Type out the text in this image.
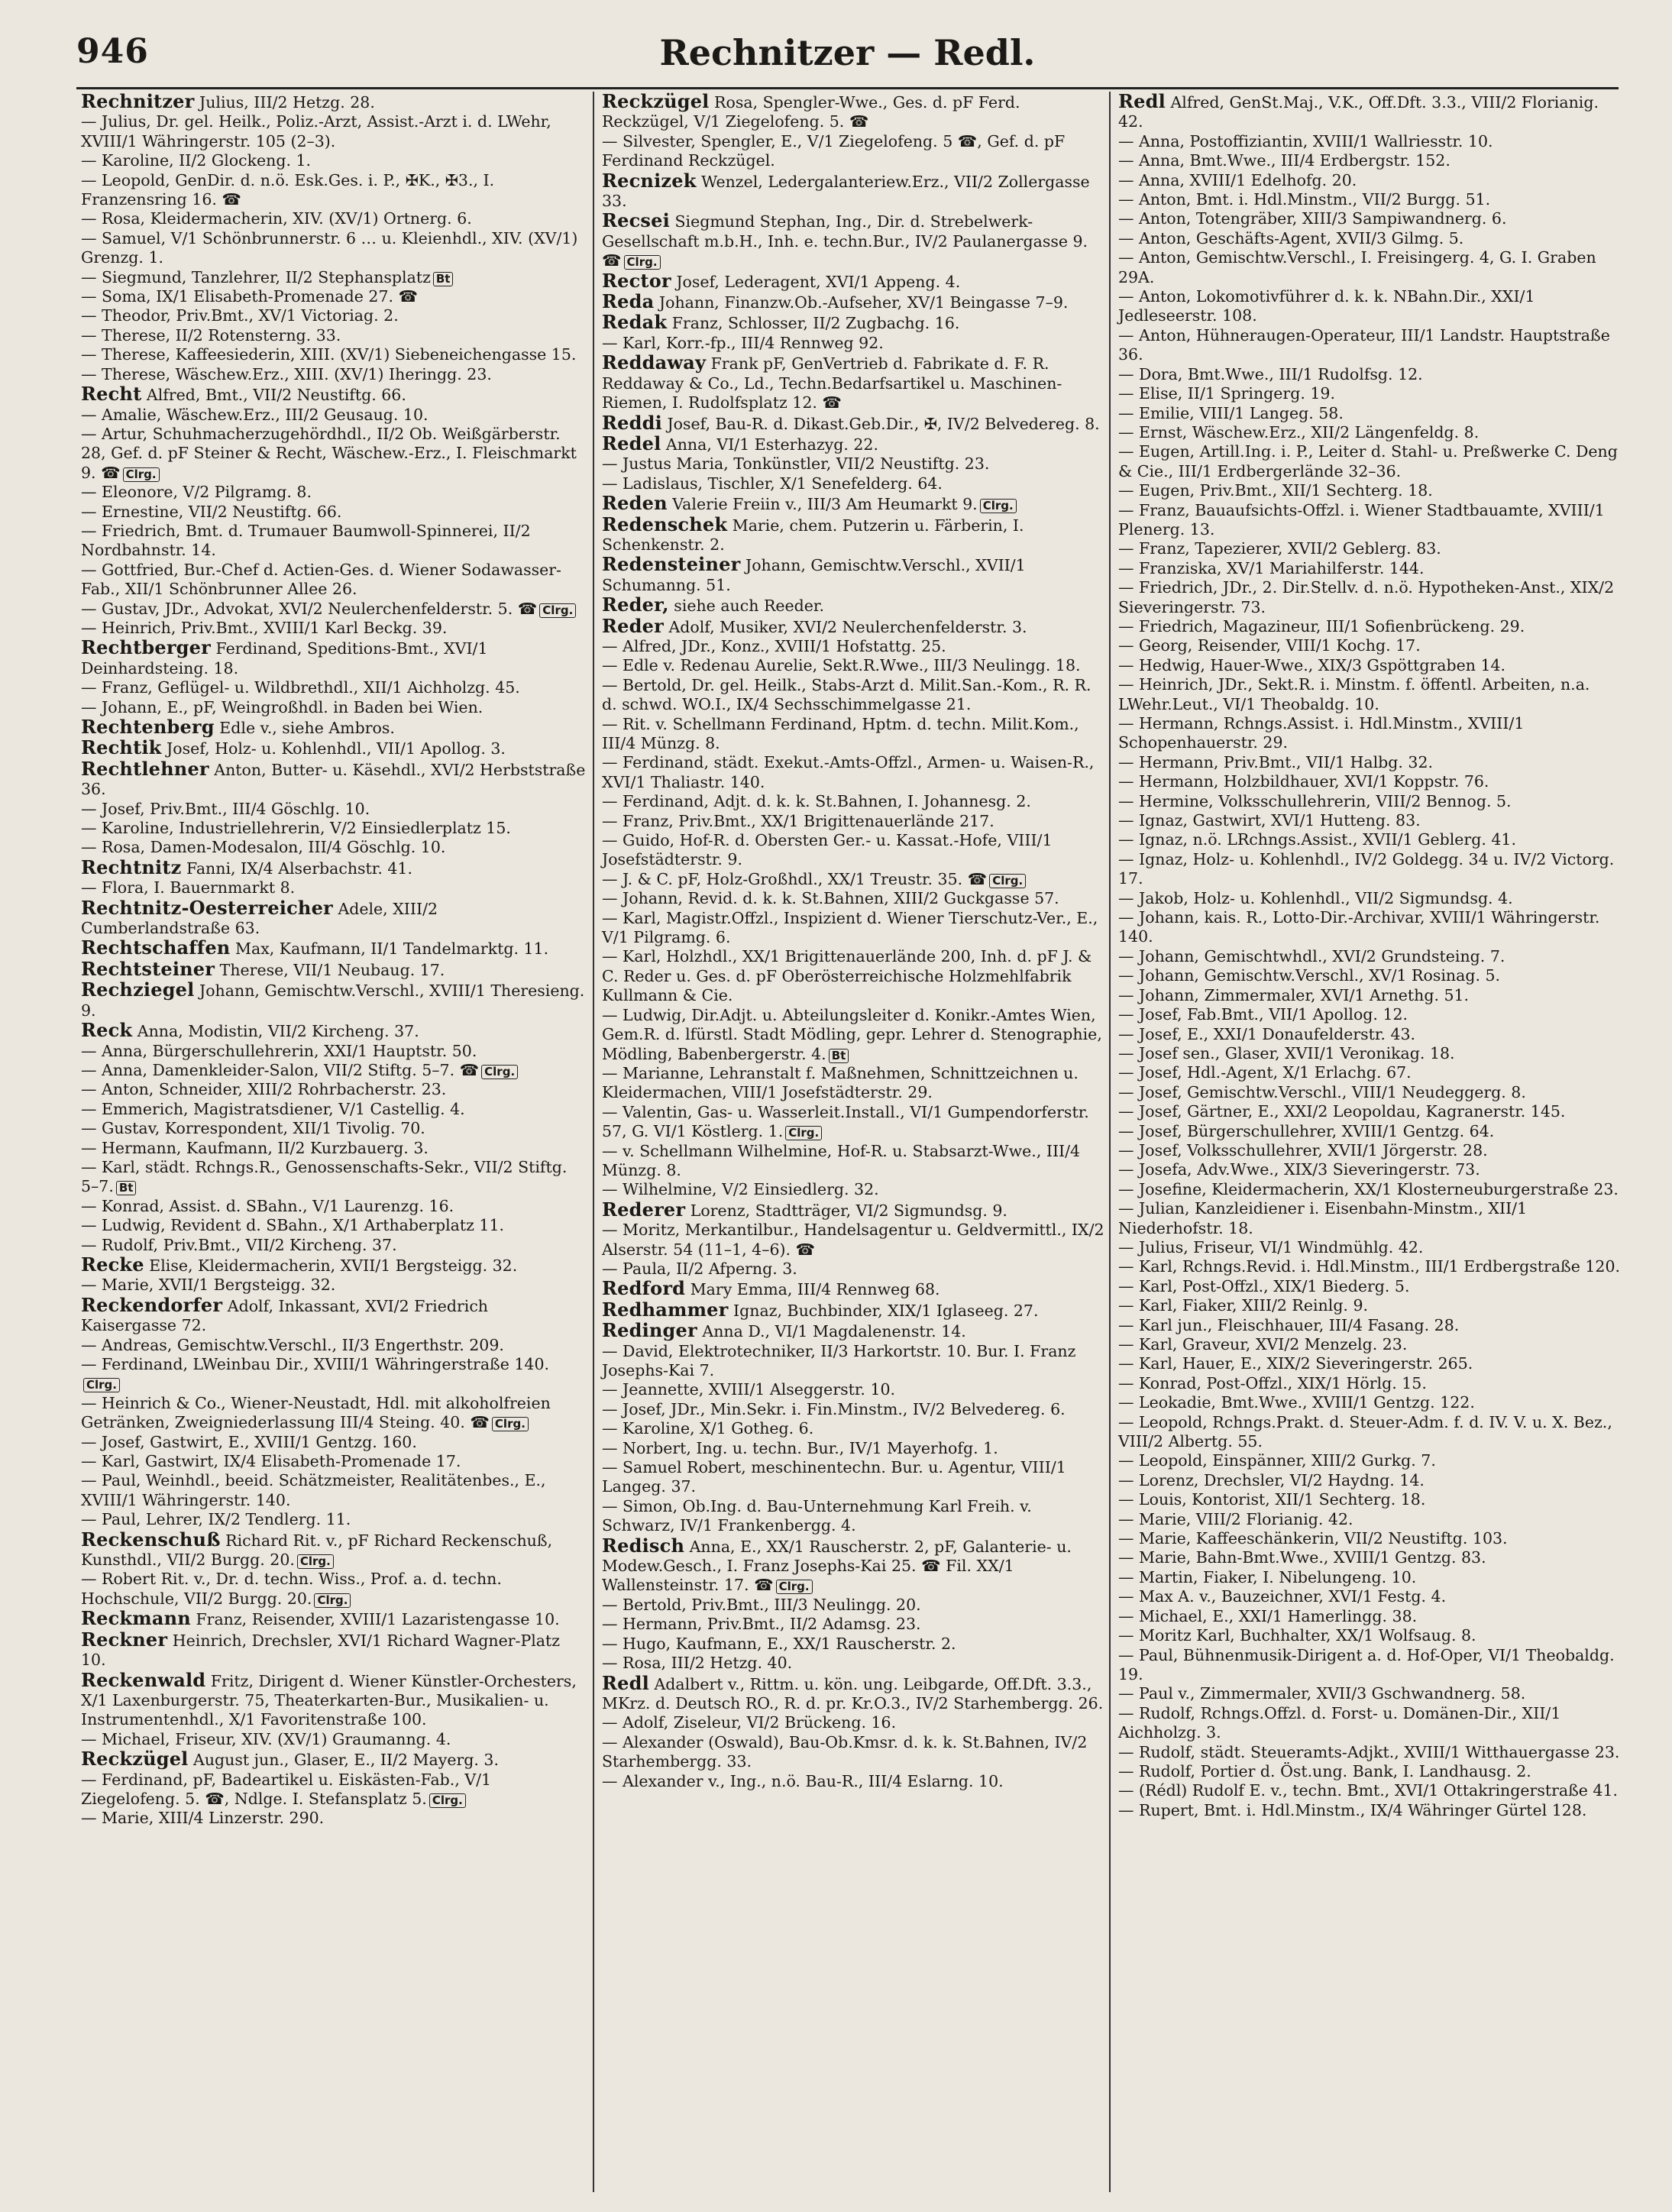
946	Rechnitzer — Redl.
Rechnitzer Julius, III/2 Hetzg. 28.
— Julius, Dr. gel. Heilk., Poliz.-Arzt, Assist.-Arzt i. d. LWehr, XVIII/1 Währingerstr. 105 (2–3).
— Karoline, II/2 Glockeng. 1.
— Leopold, GenDir. d. n.ö. Esk.Ges. i. P., ✠K., ✠3., I. Franzensring 16. ☎
— Rosa, Kleidermacherin, XIV. (XV/1) Ortnerg. 6.
— Samuel, V/1 Schönbrunnerstr. 6 … u. Kleienhdl., XIV. (XV/1) Grenzg. 1.
— Siegmund, Tanzlehrer, II/2 Stephansplatz Bt
— Soma, IX/1 Elisabeth-Promenade 27. ☎
— Theodor, Priv.Bmt., XV/1 Victoriag. 2.
— Therese, II/2 Rotensterng. 33.
— Therese, Kaffeesiederin, XIII. (XV/1) Siebeneichengasse 15.
— Therese, Wäschew.Erz., XIII. (XV/1) Iheringg. 23.
Recht Alfred, Bmt., VII/2 Neustiftg. 66.
— Amalie, Wäschew.Erz., III/2 Geusaug. 10.
— Artur, Schuhmacherzugehördhdl., II/2 Ob. Weißgärberstr. 28, Gef. d. pF Steiner & Recht, Wäschew.-Erz., I. Fleischmarkt 9. ☎ Clrg.
— Eleonore, V/2 Pilgramg. 8.
— Ernestine, VII/2 Neustiftg. 66.
— Friedrich, Bmt. d. Trumauer Baumwoll-Spinnerei, II/2 Nordbahnstr. 14.
— Gottfried, Bur.-Chef d. Actien-Ges. d. Wiener Sodawasser-Fab., XII/1 Schönbrunner Allee 26.
— Gustav, JDr., Advokat, XVI/2 Neulerchenfelderstr. 5. ☎ Clrg.
— Heinrich, Priv.Bmt., XVIII/1 Karl Beckg. 39.
Rechtberger Ferdinand, Speditions-Bmt., XVI/1 Deinhardsteing. 18.
— Franz, Geflügel- u. Wildbrethdl., XII/1 Aichholzg. 45.
— Johann, E., pF, Weingroßhdl. in Baden bei Wien.
Rechtenberg Edle v., siehe Ambros.
Rechtik Josef, Holz- u. Kohlenhdl., VII/1 Apollog. 3.
Rechtlehner Anton, Butter- u. Käsehdl., XVI/2 Herbststraße 36.
— Josef, Priv.Bmt., III/4 Göschlg. 10.
— Karoline, Industriellehrerin, V/2 Einsiedlerplatz 15.
— Rosa, Damen-Modesalon, III/4 Göschlg. 10.
Rechtnitz Fanni, IX/4 Alserbachstr. 41.
— Flora, I. Bauernmarkt 8.
Rechtnitz-Oesterreicher Adele, XIII/2 Cumberlandstraße 63.
Rechtschaffen Max, Kaufmann, II/1 Tandelmarktg. 11.
Rechtsteiner Therese, VII/1 Neubaug. 17.
Rechziegel Johann, Gemischtw.Verschl., XVIII/1 Theresieng. 9.
Reck Anna, Modistin, VII/2 Kircheng. 37.
— Anna, Bürgerschullehrerin, XXI/1 Hauptstr. 50.
— Anna, Damenkleider-Salon, VII/2 Stiftg. 5–7. ☎ Clrg.
— Anton, Schneider, XIII/2 Rohrbacherstr. 23.
— Emmerich, Magistratsdiener, V/1 Castellig. 4.
— Gustav, Korrespondent, XII/1 Tivolig. 70.
— Hermann, Kaufmann, II/2 Kurzbauerg. 3.
— Karl, städt. Rchngs.R., Genossenschafts-Sekr., VII/2 Stiftg. 5–7. Bt
— Konrad, Assist. d. SBahn., V/1 Laurenzg. 16.
— Ludwig, Revident d. SBahn., X/1 Arthaberplatz 11.
— Rudolf, Priv.Bmt., VII/2 Kircheng. 37.
Recke Elise, Kleidermacherin, XVII/1 Bergsteigg. 32.
— Marie, XVII/1 Bergsteigg. 32.
Reckendorfer Adolf, Inkassant, XVI/2 Friedrich Kaisergasse 72.
— Andreas, Gemischtw.Verschl., II/3 Engerthstr. 209.
— Ferdinand, LWeinbau Dir., XVIII/1 Währingerstraße 140.Clrg.
— Heinrich & Co., Wiener-Neustadt, Hdl. mit alkoholfreien Getränken, Zweigniederlassung III/4 Steing. 40. ☎ Clrg.
— Josef, Gastwirt, E., XVIII/1 Gentzg. 160.
— Karl, Gastwirt, IX/4 Elisabeth-Promenade 17.
— Paul, Weinhdl., beeid. Schätzmeister, Realitätenbes., E., XVIII/1 Währingerstr. 140.
— Paul, Lehrer, IX/2 Tendlerg. 11.
Reckenschuß Richard Rit. v., pF Richard Reckenschuß, Kunsthdl., VII/2 Burgg. 20. Clrg.
— Robert Rit. v., Dr. d. techn. Wiss., Prof. a. d. techn. Hochschule, VII/2 Burgg. 20. Clrg.
Reckmann Franz, Reisender, XVIII/1 Lazaristengasse 10.
Reckner Heinrich, Drechsler, XVI/1 Richard Wagner-Platz 10.
Reckenwald Fritz, Dirigent d. Wiener Künstler-Orchesters, X/1 Laxenburgerstr. 75, Theaterkarten-Bur., Musikalien- u. Instrumentenhdl., X/1 Favoritenstraße 100.
— Michael, Friseur, XIV. (XV/1) Graumanng. 4.
Reckzügel August jun., Glaser, E., II/2 Mayerg. 3.
— Ferdinand, pF, Badeartikel u. Eiskästen-Fab., V/1 Ziegelofeng. 5. ☎, Ndlge. I. Stefansplatz 5. Clrg.
— Marie, XIII/4 Linzerstr. 290.
Reckzügel Rosa, Spengler-Wwe., Ges. d. pF Ferd. Reckzügel, V/1 Ziegelofeng. 5. ☎
— Silvester, Spengler, E., V/1 Ziegelofeng. 5 ☎, Gef. d. pF Ferdinand Reckzügel.
Recnizek Wenzel, Ledergalanteriew.Erz., VII/2 Zollergasse 33.
Recsei Siegmund Stephan, Ing., Dir. d. Strebelwerk-Gesellschaft m.b.H., Inh. e. techn.Bur., IV/2 Paulanergasse 9. ☎ Clrg.
Rector Josef, Lederagent, XVI/1 Appeng. 4.
Reda Johann, Finanzw.Ob.-Aufseher, XV/1 Beingasse 7–9.
Redak Franz, Schlosser, II/2 Zugbachg. 16.
— Karl, Korr.-fp., III/4 Rennweg 92.
Reddaway Frank pF, GenVertrieb d. Fabrikate d. F. R. Reddaway & Co., Ld., Techn.Bedarfsartikel u. Maschinen-Riemen, I. Rudolfsplatz 12. ☎
Reddi Josef, Bau-R. d. Dikast.Geb.Dir., ✠, IV/2 Belvedereg. 8.
Redel Anna, VI/1 Esterhazyg. 22.
— Justus Maria, Tonkünstler, VII/2 Neustiftg. 23.
— Ladislaus, Tischler, X/1 Senefelderg. 64.
Reden Valerie Freiin v., III/3 Am Heumarkt 9. Clrg.
Redenschek Marie, chem. Putzerin u. Färberin, I. Schenkenstr. 2.
Redensteiner Johann, Gemischtw.Verschl., XVII/1 Schumanng. 51.
Reder, siehe auch Reeder.
Reder Adolf, Musiker, XVI/2 Neulerchenfelderstr. 3.
— Alfred, JDr., Konz., XVIII/1 Hofstattg. 25.
— Edle v. Redenau Aurelie, Sekt.R.Wwe., III/3 Neulingg. 18.
— Bertold, Dr. gel. Heilk., Stabs-Arzt d. Milit.San.-Kom., R. R. d. schwd. WO.I., IX/4 Sechsschimmelgasse 21.
— Rit. v. Schellmann Ferdinand, Hptm. d. techn. Milit.Kom., III/4 Münzg. 8.
— Ferdinand, städt. Exekut.-Amts-Offzl., Armen- u. Waisen-R., XVI/1 Thaliastr. 140.
— Ferdinand, Adjt. d. k. k. St.Bahnen, I. Johannesg. 2.
— Franz, Priv.Bmt., XX/1 Brigittenauerlände 217.
— Guido, Hof-R. d. Obersten Ger.- u. Kassat.-Hofe, VIII/1 Josefstädterstr. 9.
— J. & C. pF, Holz-Großhdl., XX/1 Treustr. 35. ☎ Clrg.
— Johann, Revid. d. k. k. St.Bahnen, XIII/2 Guckgasse 57.
— Karl, Magistr.Offzl., Inspizient d. Wiener Tierschutz-Ver., E., V/1 Pilgramg. 6.
— Karl, Holzhdl., XX/1 Brigittenauerlände 200, Inh. d. pF J. & C. Reder u. Ges. d. pF Oberösterreichische Holzmehlfabrik Kullmann & Cie.
— Ludwig, Dir.Adjt. u. Abteilungsleiter d. Konikr.-Amtes Wien, Gem.R. d. lfürstl. Stadt Mödling, gepr. Lehrer d. Stenographie, Mödling, Babenbergerstr. 4. Bt
— Marianne, Lehranstalt f. Maßnehmen, Schnittzeichnen u. Kleidermachen, VIII/1 Josefstädterstr. 29.
— Valentin, Gas- u. Wasserleit.Install., VI/1 Gumpendorferstr. 57, G. VI/1 Köstlerg. 1. Clrg.
— v. Schellmann Wilhelmine, Hof-R. u. Stabsarzt-Wwe., III/4 Münzg. 8.
— Wilhelmine, V/2 Einsiedlerg. 32.
Rederer Lorenz, Stadtträger, VI/2 Sigmundsg. 9.
— Moritz, Merkantilbur., Handelsagentur u. Geldvermittl., IX/2 Alserstr. 54 (11–1, 4–6). ☎
— Paula, II/2 Afperng. 3.
Redford Mary Emma, III/4 Rennweg 68.
Redhammer Ignaz, Buchbinder, XIX/1 Iglaseeg. 27.
Redinger Anna D., VI/1 Magdalenenstr. 14.
— David, Elektrotechniker, II/3 Harkortstr. 10. Bur. I. Franz Josephs-Kai 7.
— Jeannette, XVIII/1 Alseggerstr. 10.
— Josef, JDr., Min.Sekr. i. Fin.Minstm., IV/2 Belvedereg. 6.
— Karoline, X/1 Gotheg. 6.
— Norbert, Ing. u. techn. Bur., IV/1 Mayerhofg. 1.
— Samuel Robert, meschinentechn. Bur. u. Agentur, VIII/1 Langeg. 37.
— Simon, Ob.Ing. d. Bau-Unternehmung Karl Freih. v. Schwarz, IV/1 Frankenbergg. 4.
Redisch Anna, E., XX/1 Rauscherstr. 2, pF, Galanterie- u. Modew.Gesch., I. Franz Josephs-Kai 25. ☎ Fil. XX/1 Wallensteinstr. 17. ☎ Clrg.
— Bertold, Priv.Bmt., III/3 Neulingg. 20.
— Hermann, Priv.Bmt., II/2 Adamsg. 23.
— Hugo, Kaufmann, E., XX/1 Rauscherstr. 2.
— Rosa, III/2 Hetzg. 40.
Redl Adalbert v., Rittm. u. kön. ung. Leibgarde, Off.Dft. 3.3., MKrz. d. Deutsch RO., R. d. pr. Kr.O.3., IV/2 Starhembergg. 26.
— Adolf, Ziseleur, VI/2 Brückeng. 16.
— Alexander (Oswald), Bau-Ob.Kmsr. d. k. k. St.Bahnen, IV/2 Starhembergg. 33.
— Alexander v., Ing., n.ö. Bau-R., III/4 Eslarng. 10.
Redl Alfred, GenSt.Maj., V.K., Off.Dft. 3.3., VIII/2 Florianig. 42.
— Anna, Postoffiziantin, XVIII/1 Wallriesstr. 10.
— Anna, Bmt.Wwe., III/4 Erdbergstr. 152.
— Anna, XVIII/1 Edelhofg. 20.
— Anton, Bmt. i. Hdl.Minstm., VII/2 Burgg. 51.
— Anton, Totengräber, XIII/3 Sampiwandnerg. 6.
— Anton, Geschäfts-Agent, XVII/3 Gilmg. 5.
— Anton, Gemischtw.Verschl., I. Freisingerg. 4, G. I. Graben 29A.
— Anton, Lokomotivführer d. k. k. NBahn.Dir., XXI/1 Jedleseerstr. 108.
— Anton, Hühneraugen-Operateur, III/1 Landstr. Hauptstraße 36.
— Dora, Bmt.Wwe., III/1 Rudolfsg. 12.
— Elise, II/1 Springerg. 19.
— Emilie, VIII/1 Langeg. 58.
— Ernst, Wäschew.Erz., XII/2 Längenfeldg. 8.
— Eugen, Artill.Ing. i. P., Leiter d. Stahl- u. Preßwerke C. Deng & Cie., III/1 Erdbergerlände 32–36.
— Eugen, Priv.Bmt., XII/1 Sechterg. 18.
— Franz, Bauaufsichts-Offzl. i. Wiener Stadtbauamte, XVIII/1 Plenerg. 13.
— Franz, Tapezierer, XVII/2 Geblerg. 83.
— Franziska, XV/1 Mariahilferstr. 144.
— Friedrich, JDr., 2. Dir.Stellv. d. n.ö. Hypotheken-Anst., XIX/2 Sieveringerstr. 73.
— Friedrich, Magazineur, III/1 Sofienbrückeng. 29.
— Georg, Reisender, VIII/1 Kochg. 17.
— Hedwig, Hauer-Wwe., XIX/3 Gspöttgraben 14.
— Heinrich, JDr., Sekt.R. i. Minstm. f. öffentl. Arbeiten, n.a. LWehr.Leut., VI/1 Theobaldg. 10.
— Hermann, Rchngs.Assist. i. Hdl.Minstm., XVIII/1 Schopenhauerstr. 29.
— Hermann, Priv.Bmt., VII/1 Halbg. 32.
— Hermann, Holzbildhauer, XVI/1 Koppstr. 76.
— Hermine, Volksschullehrerin, VIII/2 Bennog. 5.
— Ignaz, Gastwirt, XVI/1 Hutteng. 83.
— Ignaz, n.ö. LRchngs.Assist., XVII/1 Geblerg. 41.
— Ignaz, Holz- u. Kohlenhdl., IV/2 Goldegg. 34 u. IV/2 Victorg. 17.
— Jakob, Holz- u. Kohlenhdl., VII/2 Sigmundsg. 4.
— Johann, kais. R., Lotto-Dir.-Archivar, XVIII/1 Währingerstr. 140.
— Johann, Gemischtwhdl., XVI/2 Grundsteing. 7.
— Johann, Gemischtw.Verschl., XV/1 Rosinag. 5.
— Johann, Zimmermaler, XVI/1 Arnethg. 51.
— Josef, Fab.Bmt., VII/1 Apollog. 12.
— Josef, E., XXI/1 Donaufelderstr. 43.
— Josef sen., Glaser, XVII/1 Veronikag. 18.
— Josef, Hdl.-Agent, X/1 Erlachg. 67.
— Josef, Gemischtw.Verschl., VIII/1 Neudeggerg. 8.
— Josef, Gärtner, E., XXI/2 Leopoldau, Kagranerstr. 145.
— Josef, Bürgerschullehrer, XVIII/1 Gentzg. 64.
— Josef, Volksschullehrer, XVII/1 Jörgerstr. 28.
— Josefa, Adv.Wwe., XIX/3 Sieveringerstr. 73.
— Josefine, Kleidermacherin, XX/1 Klosterneuburgerstraße 23.
— Julian, Kanzleidiener i. Eisenbahn-Minstm., XII/1 Niederhofstr. 18.
— Julius, Friseur, VI/1 Windmühlg. 42.
— Karl, Rchngs.Revid. i. Hdl.Minstm., III/1 Erdbergstraße 120.
— Karl, Post-Offzl., XIX/1 Biederg. 5.
— Karl, Fiaker, XIII/2 Reinlg. 9.
— Karl jun., Fleischhauer, III/4 Fasang. 28.
— Karl, Graveur, XVI/2 Menzelg. 23.
— Karl, Hauer, E., XIX/2 Sieveringerstr. 265.
— Konrad, Post-Offzl., XIX/1 Hörlg. 15.
— Leokadie, Bmt.Wwe., XVIII/1 Gentzg. 122.
— Leopold, Rchngs.Prakt. d. Steuer-Adm. f. d. IV. V. u. X. Bez., VIII/2 Albertg. 55.
— Leopold, Einspänner, XIII/2 Gurkg. 7.
— Lorenz, Drechsler, VI/2 Haydng. 14.
— Louis, Kontorist, XII/1 Sechterg. 18.
— Marie, VIII/2 Florianig. 42.
— Marie, Kaffeeschänkerin, VII/2 Neustiftg. 103.
— Marie, Bahn-Bmt.Wwe., XVIII/1 Gentzg. 83.
— Martin, Fiaker, I. Nibelungeng. 10.
— Max A. v., Bauzeichner, XVI/1 Festg. 4.
— Michael, E., XXI/1 Hamerlingg. 38.
— Moritz Karl, Buchhalter, XX/1 Wolfsaug. 8.
— Paul, Bühnenmusik-Dirigent a. d. Hof-Oper, VI/1 Theobaldg. 19.
— Paul v., Zimmermaler, XVII/3 Gschwandnerg. 58.
— Rudolf, Rchngs.Offzl. d. Forst- u. Domänen-Dir., XII/1 Aichholzg. 3.
— Rudolf, städt. Steueramts-Adjkt., XVIII/1 Witthauergasse 23.
— Rudolf, Portier d. Öst.ung. Bank, I. Landhausg. 2.
— (Rédl) Rudolf E. v., techn. Bmt., XVI/1 Ottakringerstraße 41.
— Rupert, Bmt. i. Hdl.Minstm., IX/4 Währinger Gürtel 128.
